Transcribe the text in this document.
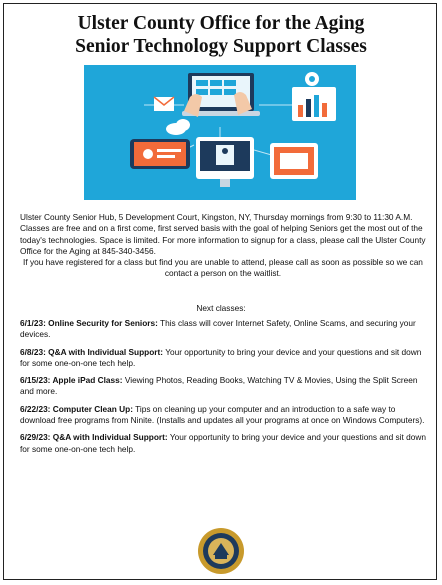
Ulster County Office for the Aging
Senior Technology Support Classes

Ulster County Senior Hub, 5 Development Court, Kingston, NY, Thursday mornings from 9:30 to 11:30 A.M. Classes are free and on a first come, first served basis with the goal of helping Seniors get the most out of the today's technologies. Space is limited. For more information to signup for a class, please call the Ulster County Office for the Aging at 845-340-3456.

If you have registered for a class but find you are unable to attend, please call as soon as possible so we can contact a person on the waitlist.

Next classes:

6/1/23: Online Security for Seniors: This class will cover Internet Safety, Online Scams, and securing your devices.

6/8/23: Q&A with Individual Support: Your opportunity to bring your device and your questions and sit down for some one-on-one tech help.

6/15/23: Apple iPad Class: Viewing Photos, Reading Books, Watching TV & Movies, Using the Split Screen and more.

6/22/23: Computer Clean Up: Tips on cleaning up your computer and an introduction to a safe way to download free programs from Ninite. (Installs and updates all your programs at once on Windows Computers).

6/29/23: Q&A with Individual Support: Your opportunity to bring your device and your questions and sit down for some one-on-one tech help.
